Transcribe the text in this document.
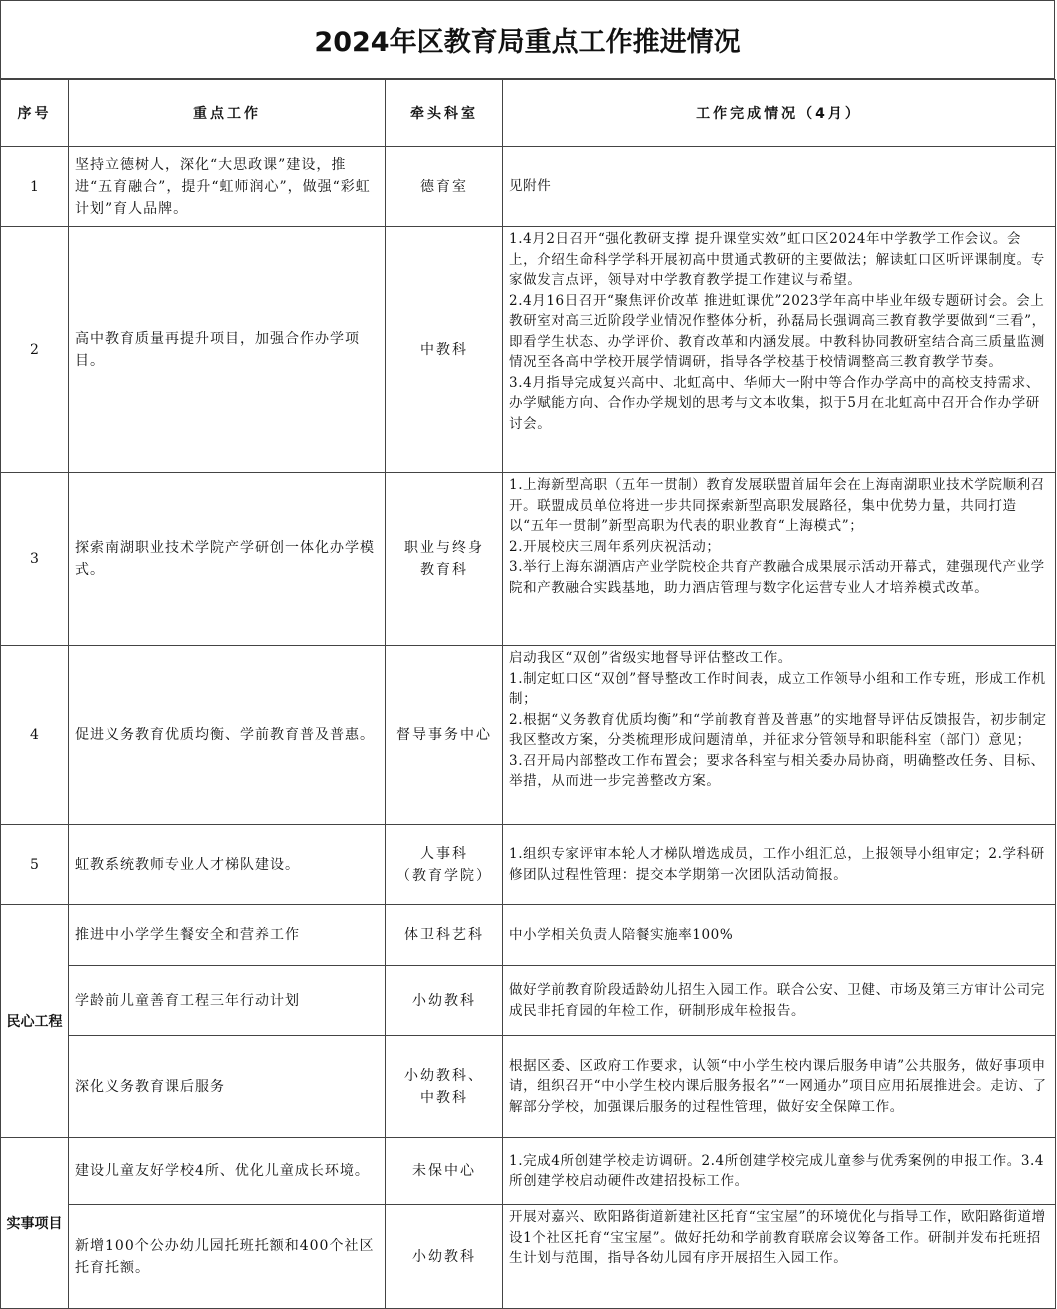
2024年区教育局重点工作推进情况
序号	重点工作	牵头科室	工作完成情况（4月）
1	坚持立德树人，深化“大思政课”建设，推进“五育融合”，提升“虹师润心”，做强“彩虹计划”育人品牌。	德育室	见附件

2	高中教育质量再提升项目，加强合作办学项目。	中教科	1.4月2日召开“强化教研支撑 提升课堂实效”虹口区2024年中学教学工作会议。会上，介绍生命科学学科开展初高中贯通式教研的主要做法；解读虹口区听评课制度。专家做发言点评，领导对中学教育教学提工作建议与希望。
2.4月16日召开“聚焦评价改革 推进虹课优”2023学年高中毕业年级专题研讨会。会上教研室对高三近阶段学业情况作整体分析，孙磊局长强调高三教育教学要做到“三看”，即看学生状态、办学评价、教育改革和内涵发展。中教科协同教研室结合高三质量监测情况至各高中学校开展学情调研，指导各学校基于校情调整高三教育教学节奏。
3.4月指导完成复兴高中、北虹高中、华师大一附中等合作办学高中的高校支持需求、办学赋能方向、合作办学规划的思考与文本收集，拟于5月在北虹高中召开合作办学研讨会。

3	探索南湖职业技术学院产学研创一体化办学模式。	职业与终身
教育科	1.上海新型高职（五年一贯制）教育发展联盟首届年会在上海南湖职业技术学院顺利召开。联盟成员单位将进一步共同探索新型高职发展路径，集中优势力量，共同打造以“五年一贯制”新型高职为代表的职业教育“上海模式”；
2.开展校庆三周年系列庆祝活动；
3.举行上海东湖酒店产业学院校企共育产教融合成果展示活动开幕式，建强现代产业学院和产教融合实践基地，助力酒店管理与数字化运营专业人才培养模式改革。

4	促进义务教育优质均衡、学前教育普及普惠。	督导事务中心	启动我区“双创”省级实地督导评估整改工作。
1.制定虹口区“双创”督导整改工作时间表，成立工作领导小组和工作专班，形成工作机制；
2.根据“义务教育优质均衡”和“学前教育普及普惠”的实地督导评估反馈报告，初步制定我区整改方案，分类梳理形成问题清单，并征求分管领导和职能科室（部门）意见；
3.召开局内部整改工作布置会；要求各科室与相关委办局协商，明确整改任务、目标、举措，从而进一步完善整改方案。

5	虹教系统教师专业人才梯队建设。	人事科
（教育学院）	1.组织专家评审本轮人才梯队增选成员，工作小组汇总，上报领导小组审定；2.学科研修团队过程性管理：提交本学期第一次团队活动简报。

民心工程	推进中小学学生餐安全和营养工作	体卫科艺科	中小学相关负责人陪餐实施率100%

	学龄前儿童善育工程三年行动计划	小幼教科	做好学前教育阶段适龄幼儿招生入园工作。联合公安、卫健、市场及第三方审计公司完成民非托育园的年检工作，研制形成年检报告。

	深化义务教育课后服务	小幼教科、
中教科	根据区委、区政府工作要求，认领“中小学生校内课后服务申请”公共服务，做好事项申请，组织召开“中小学生校内课后服务报名”“一网通办”项目应用拓展推进会。走访、了解部分学校，加强课后服务的过程性管理，做好安全保障工作。

实事项目	建设儿童友好学校4所、优化儿童成长环境。	未保中心	1.完成4所创建学校走访调研。2.4所创建学校完成儿童参与优秀案例的申报工作。3.4所创建学校启动硬件改建招投标工作。

	新增100个公办幼儿园托班托额和400个社区托育托额。	小幼教科	开展对嘉兴、欧阳路街道新建社区托育“宝宝屋”的环境优化与指导工作，欧阳路街道增设1个社区托育“宝宝屋”。做好托幼和学前教育联席会议筹备工作。研制并发布托班招生计划与范围，指导各幼儿园有序开展招生入园工作。
